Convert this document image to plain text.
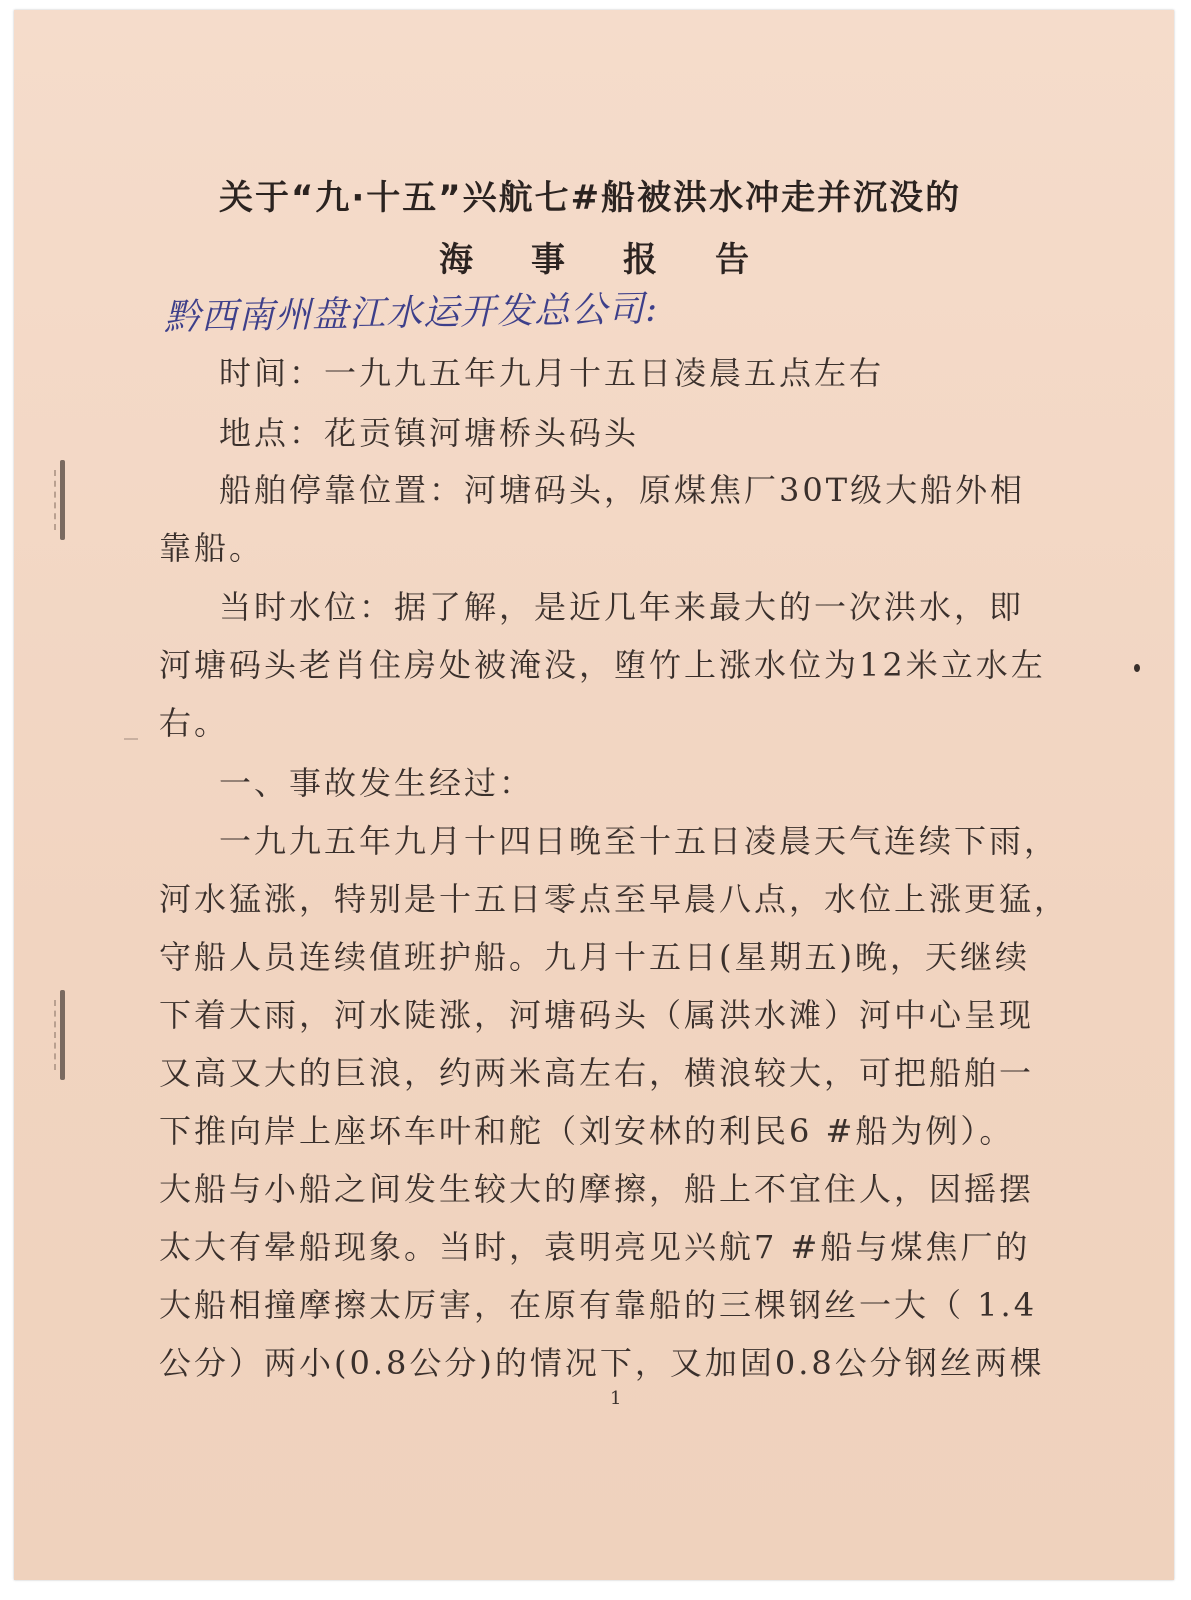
关于“九·十五”兴航七#船被洪水冲走并沉没的
海事报告
黔西南州盘江水运开发总公司:
时间：一九九五年九月十五日凌晨五点左右
地点：花贡镇河塘桥头码头
船舶停靠位置：河塘码头，原煤焦厂30T级大船外相
靠船。
当时水位：据了解，是近几年来最大的一次洪水，即
河塘码头老肖住房处被淹没，堕竹上涨水位为12米立水左
右。
一、事故发生经过：
一九九五年九月十四日晚至十五日凌晨天气连续下雨，
河水猛涨，特别是十五日零点至早晨八点，水位上涨更猛，
守船人员连续值班护船。九月十五日(星期五)晚，天继续
下着大雨，河水陡涨，河塘码头（属洪水滩）河中心呈现
又高又大的巨浪，约两米高左右，横浪较大，可把船舶一
下推向岸上座坏车叶和舵（刘安林的利民6 #船为例）。
大船与小船之间发生较大的摩擦，船上不宜住人，因摇摆
太大有晕船现象。当时，袁明亮见兴航7 #船与煤焦厂的
大船相撞摩擦太厉害，在原有靠船的三棵钢丝一大（ 1.4
公分）两小(0.8公分)的情况下，又加固0.8公分钢丝两棵
1
